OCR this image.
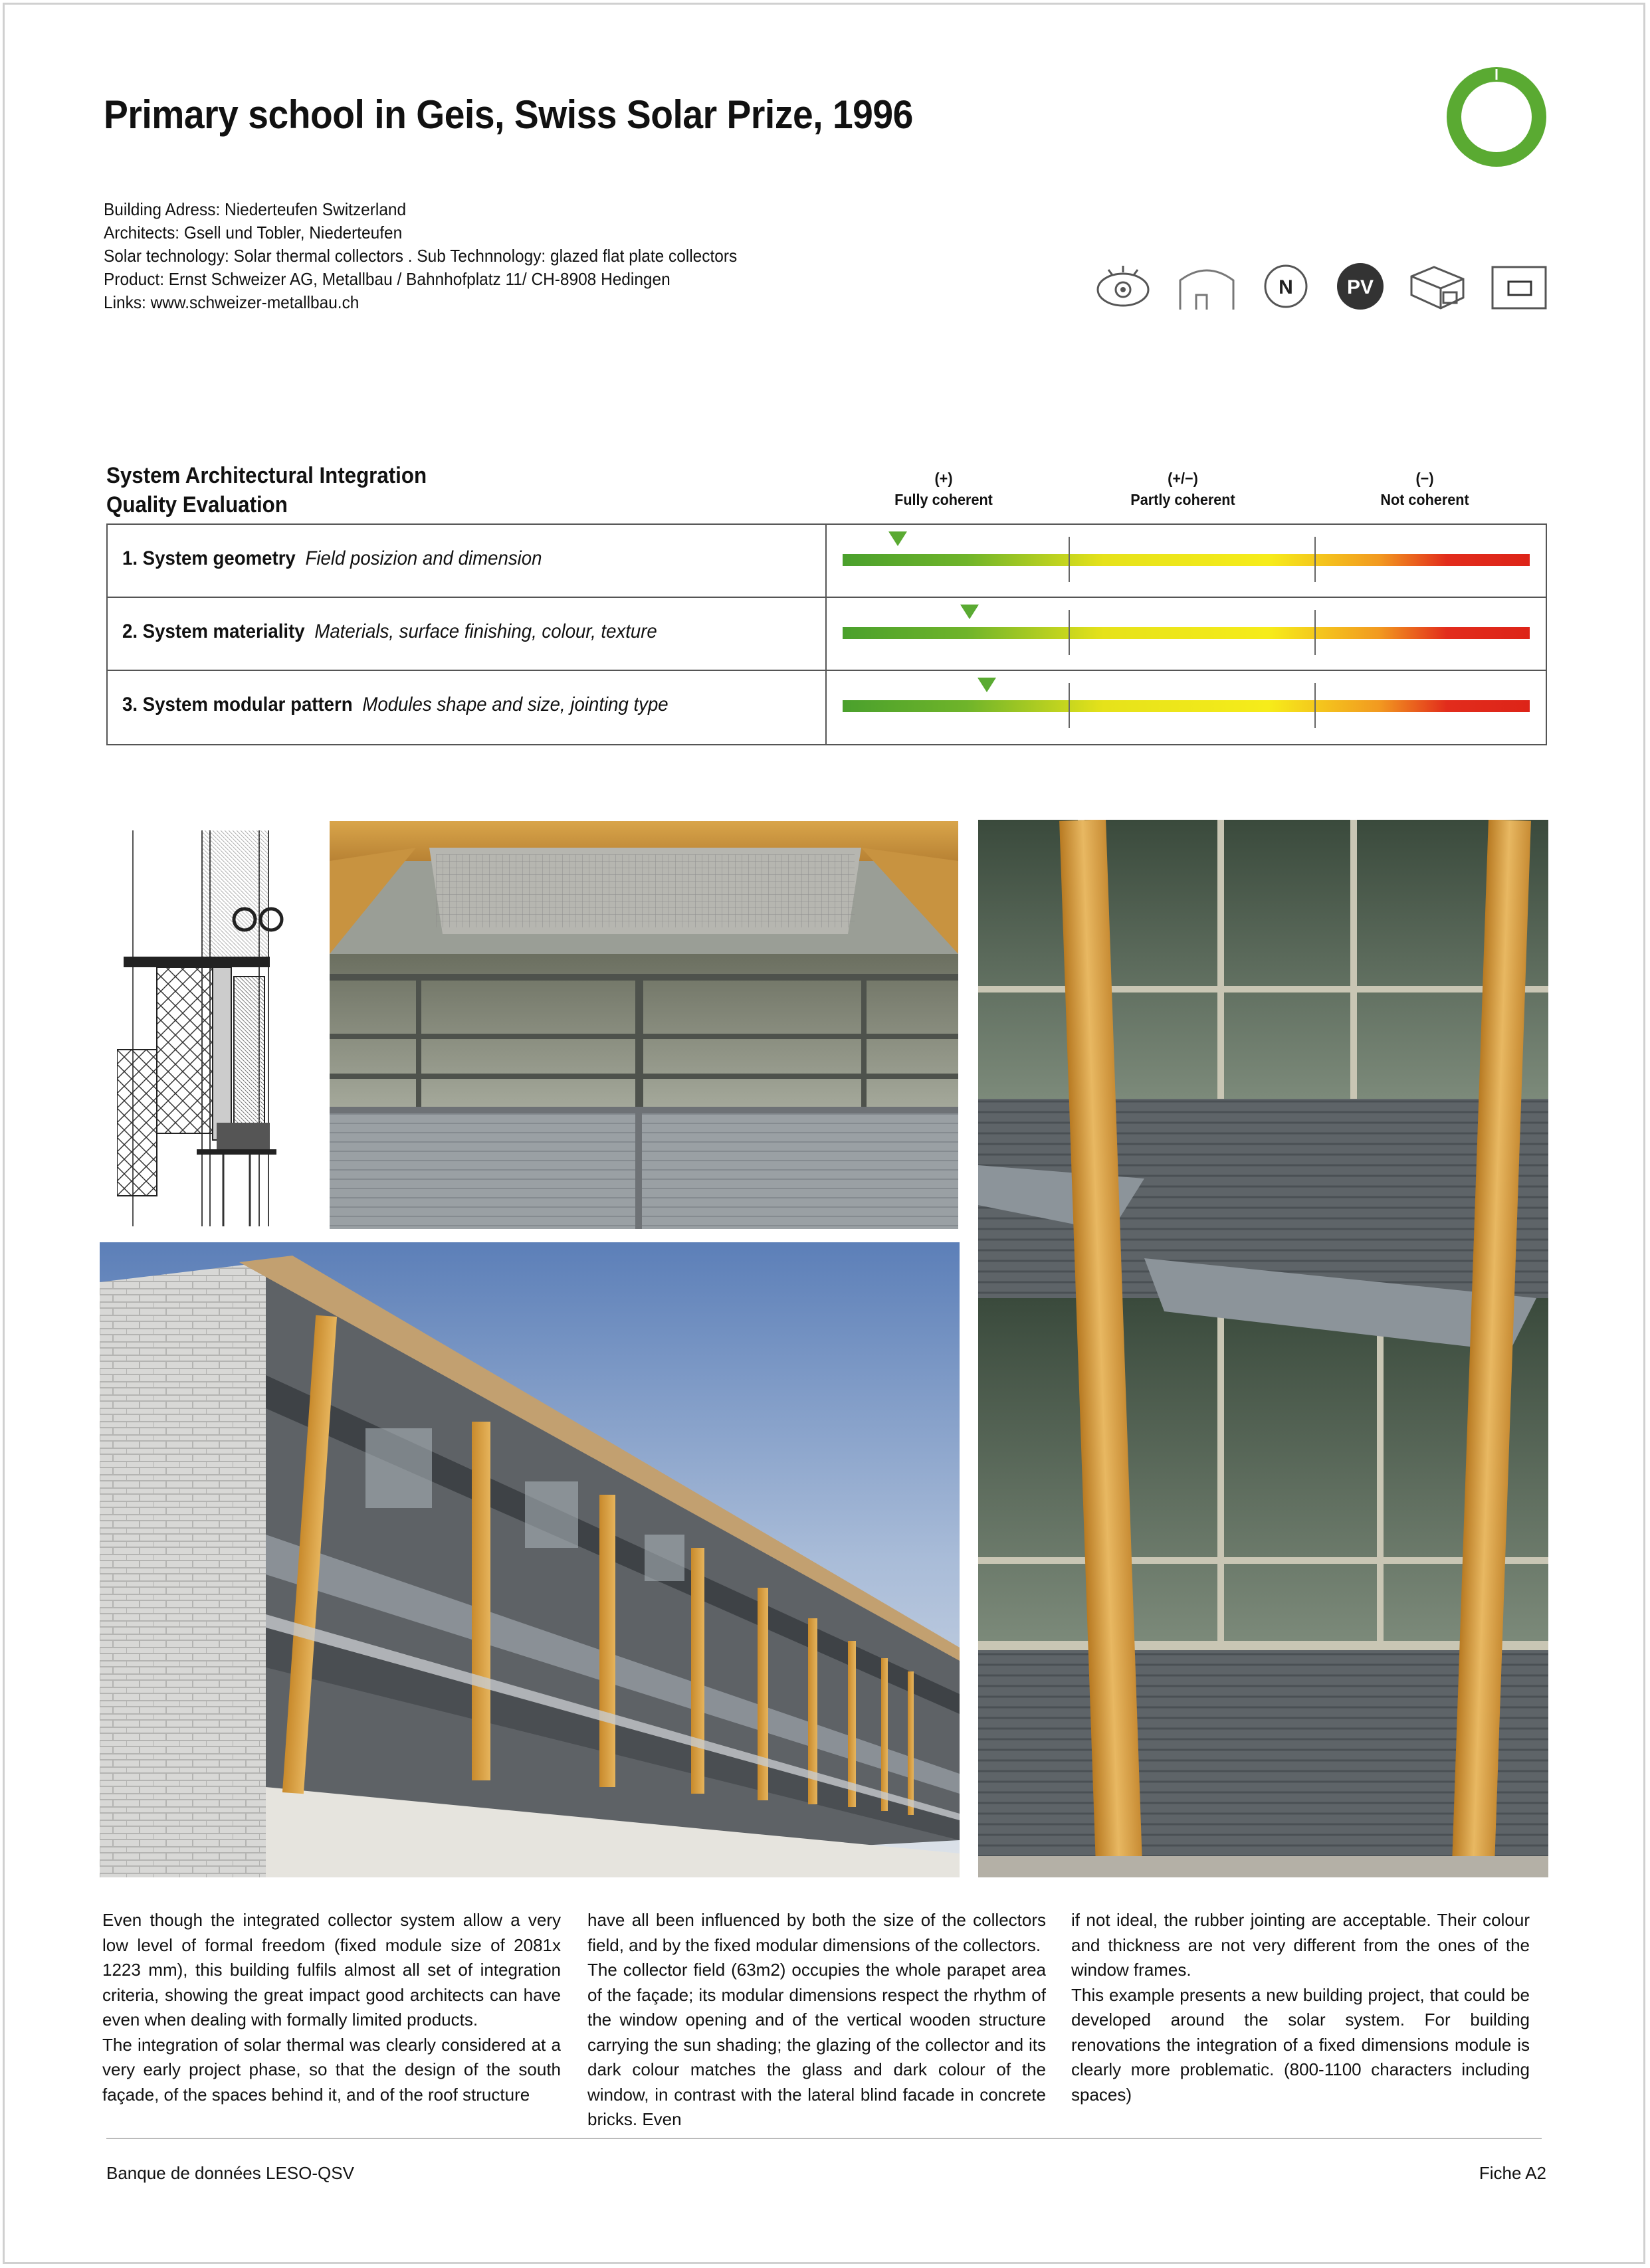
Primary school in Geis, Swiss Solar Prize, 1996
Building Adress: Niederteufen Switzerland
Architects: Gsell und Tobler, Niederteufen
Solar technology: Solar thermal collectors . Sub Technnology: glazed flat plate collectors
Product: Ernst Schweizer AG, Metallbau / Bahnhofplatz 11/ CH-8908 Hedingen
Links: www.schweizer-metallbau.ch
N	PV
System Architectural Integration
Quality Evaluation
(+)
Fully coherent
(+/−)
Partly coherent
(−)
Not coherent
1. System geometry Field posizion and dimension
2. System materiality Materials, surface finishing, colour, texture
3. System modular pattern Modules shape and size, jointing type

Even though the integrated collector system allow a very low level of formal freedom (fixed module size of 2081x 1223 mm), this building fulfils almost all set of integration criteria, showing the great impact good architects can have even when dealing with formally limited products.

The integration of solar thermal was clearly considered at a very early project phase, so that the design of the south façade, of the spaces behind it, and of the roof structure

have all been influenced by both the size of the collectors field, and by the fixed modular dimensions of the collectors.

The collector field (63m2) occupies the whole parapet area of the façade; its modular dimensions respect the rhythm of the window opening and of the vertical wooden structure carrying the sun shading; the glazing of the collector and its dark colour matches the glass and dark colour of the window, in contrast with the lateral blind facade in concrete bricks. Even

if not ideal, the rubber jointing are acceptable. Their colour and thickness are not very different from the ones of the window frames.

This example presents a new building project, that could be developed around the solar system. For building renovations the integration of a fixed dimensions module is clearly more problematic. (800-1100 characters including spaces)

Banque de données LESO-QSV	Fiche A2
